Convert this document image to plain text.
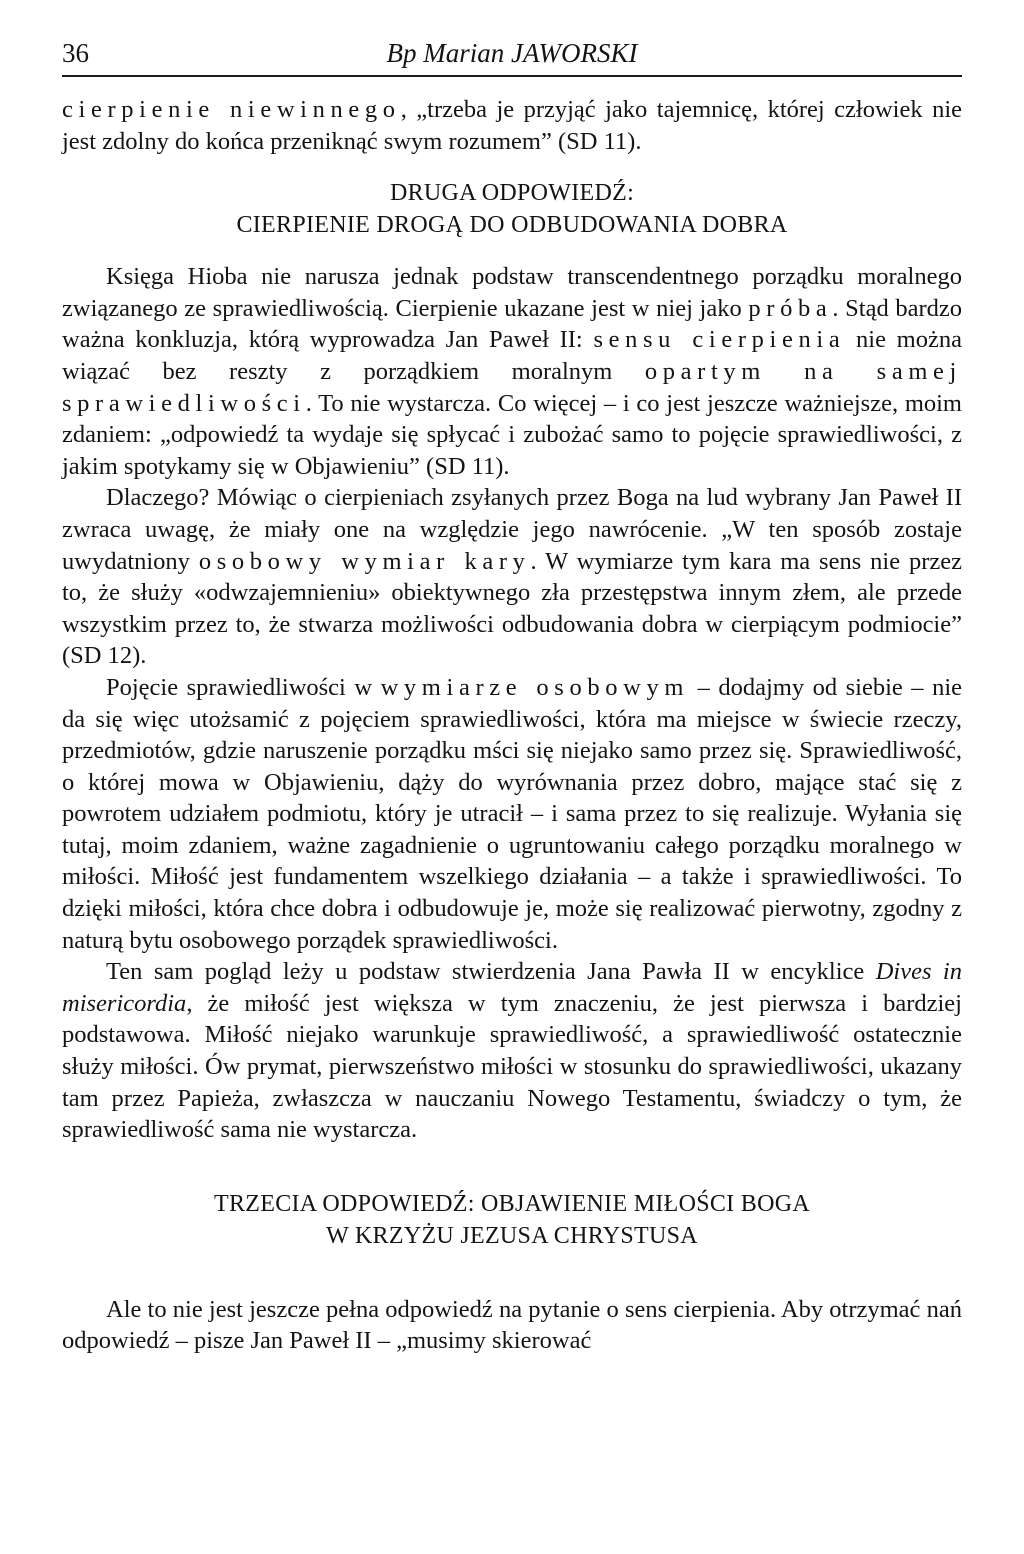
36	Bp Marian JAWORSKI

cierpienie niewinnego, „trzeba je przyjąć jako tajemnicę, której człowiek nie jest zdolny do końca przeniknąć swym rozumem” (SD 11).

DRUGA ODPOWIEDŹ:
CIERPIENIE DROGĄ DO ODBUDOWANIA DOBRA

Księga Hioba nie narusza jednak podstaw transcendentnego porządku moralnego związanego ze sprawiedliwością. Cierpienie ukazane jest w niej jako próba. Stąd bardzo ważna konkluzja, którą wyprowadza Jan Paweł II: sensu cierpienia nie można wiązać bez reszty z porządkiem moralnym opartym na samej sprawiedliwości. To nie wystarcza. Co więcej – i co jest jeszcze ważniejsze, moim zdaniem: „odpowiedź ta wydaje się spłycać i zubożać samo to pojęcie sprawiedliwości, z jakim spotykamy się w Objawieniu” (SD 11).

Dlaczego? Mówiąc o cierpieniach zsyłanych przez Boga na lud wybrany Jan Paweł II zwraca uwagę, że miały one na względzie jego nawrócenie. „W ten sposób zostaje uwydatniony osobowy wymiar kary. W wymiarze tym kara ma sens nie przez to, że służy «odwzajemnieniu» obiektywnego zła przestępstwa innym złem, ale przede wszystkim przez to, że stwarza możliwości odbudowania dobra w cierpiącym podmiocie” (SD 12).

Pojęcie sprawiedliwości w wymiarze osobowym – dodajmy od siebie – nie da się więc utożsamić z pojęciem sprawiedliwości, która ma miejsce w świecie rzeczy, przedmiotów, gdzie naruszenie porządku mści się niejako samo przez się. Sprawiedliwość, o której mowa w Objawieniu, dąży do wyrównania przez dobro, mające stać się z powrotem udziałem podmiotu, który je utracił – i sama przez to się realizuje. Wyłania się tutaj, moim zdaniem, ważne zagadnienie o ugruntowaniu całego porządku moralnego w miłości. Miłość jest fundamentem wszelkiego działania – a także i sprawiedliwości. To dzięki miłości, która chce dobra i odbudowuje je, może się realizować pierwotny, zgodny z naturą bytu osobowego porządek sprawiedliwości.

Ten sam pogląd leży u podstaw stwierdzenia Jana Pawła II w encyklice Dives in misericordia, że miłość jest większa w tym znaczeniu, że jest pierwsza i bardziej podstawowa. Miłość niejako warunkuje sprawiedliwość, a sprawiedliwość ostatecznie służy miłości. Ów prymat, pierwszeństwo miłości w stosunku do sprawiedliwości, ukazany tam przez Papieża, zwłaszcza w nauczaniu Nowego Testamentu, świadczy o tym, że sprawiedliwość sama nie wystarcza.

TRZECIA ODPOWIEDŹ: OBJAWIENIE MIŁOŚCI BOGA
W KRZYŻU JEZUSA CHRYSTUSA

Ale to nie jest jeszcze pełna odpowiedź na pytanie o sens cierpienia. Aby otrzymać nań odpowiedź – pisze Jan Paweł II – „musimy skierować
